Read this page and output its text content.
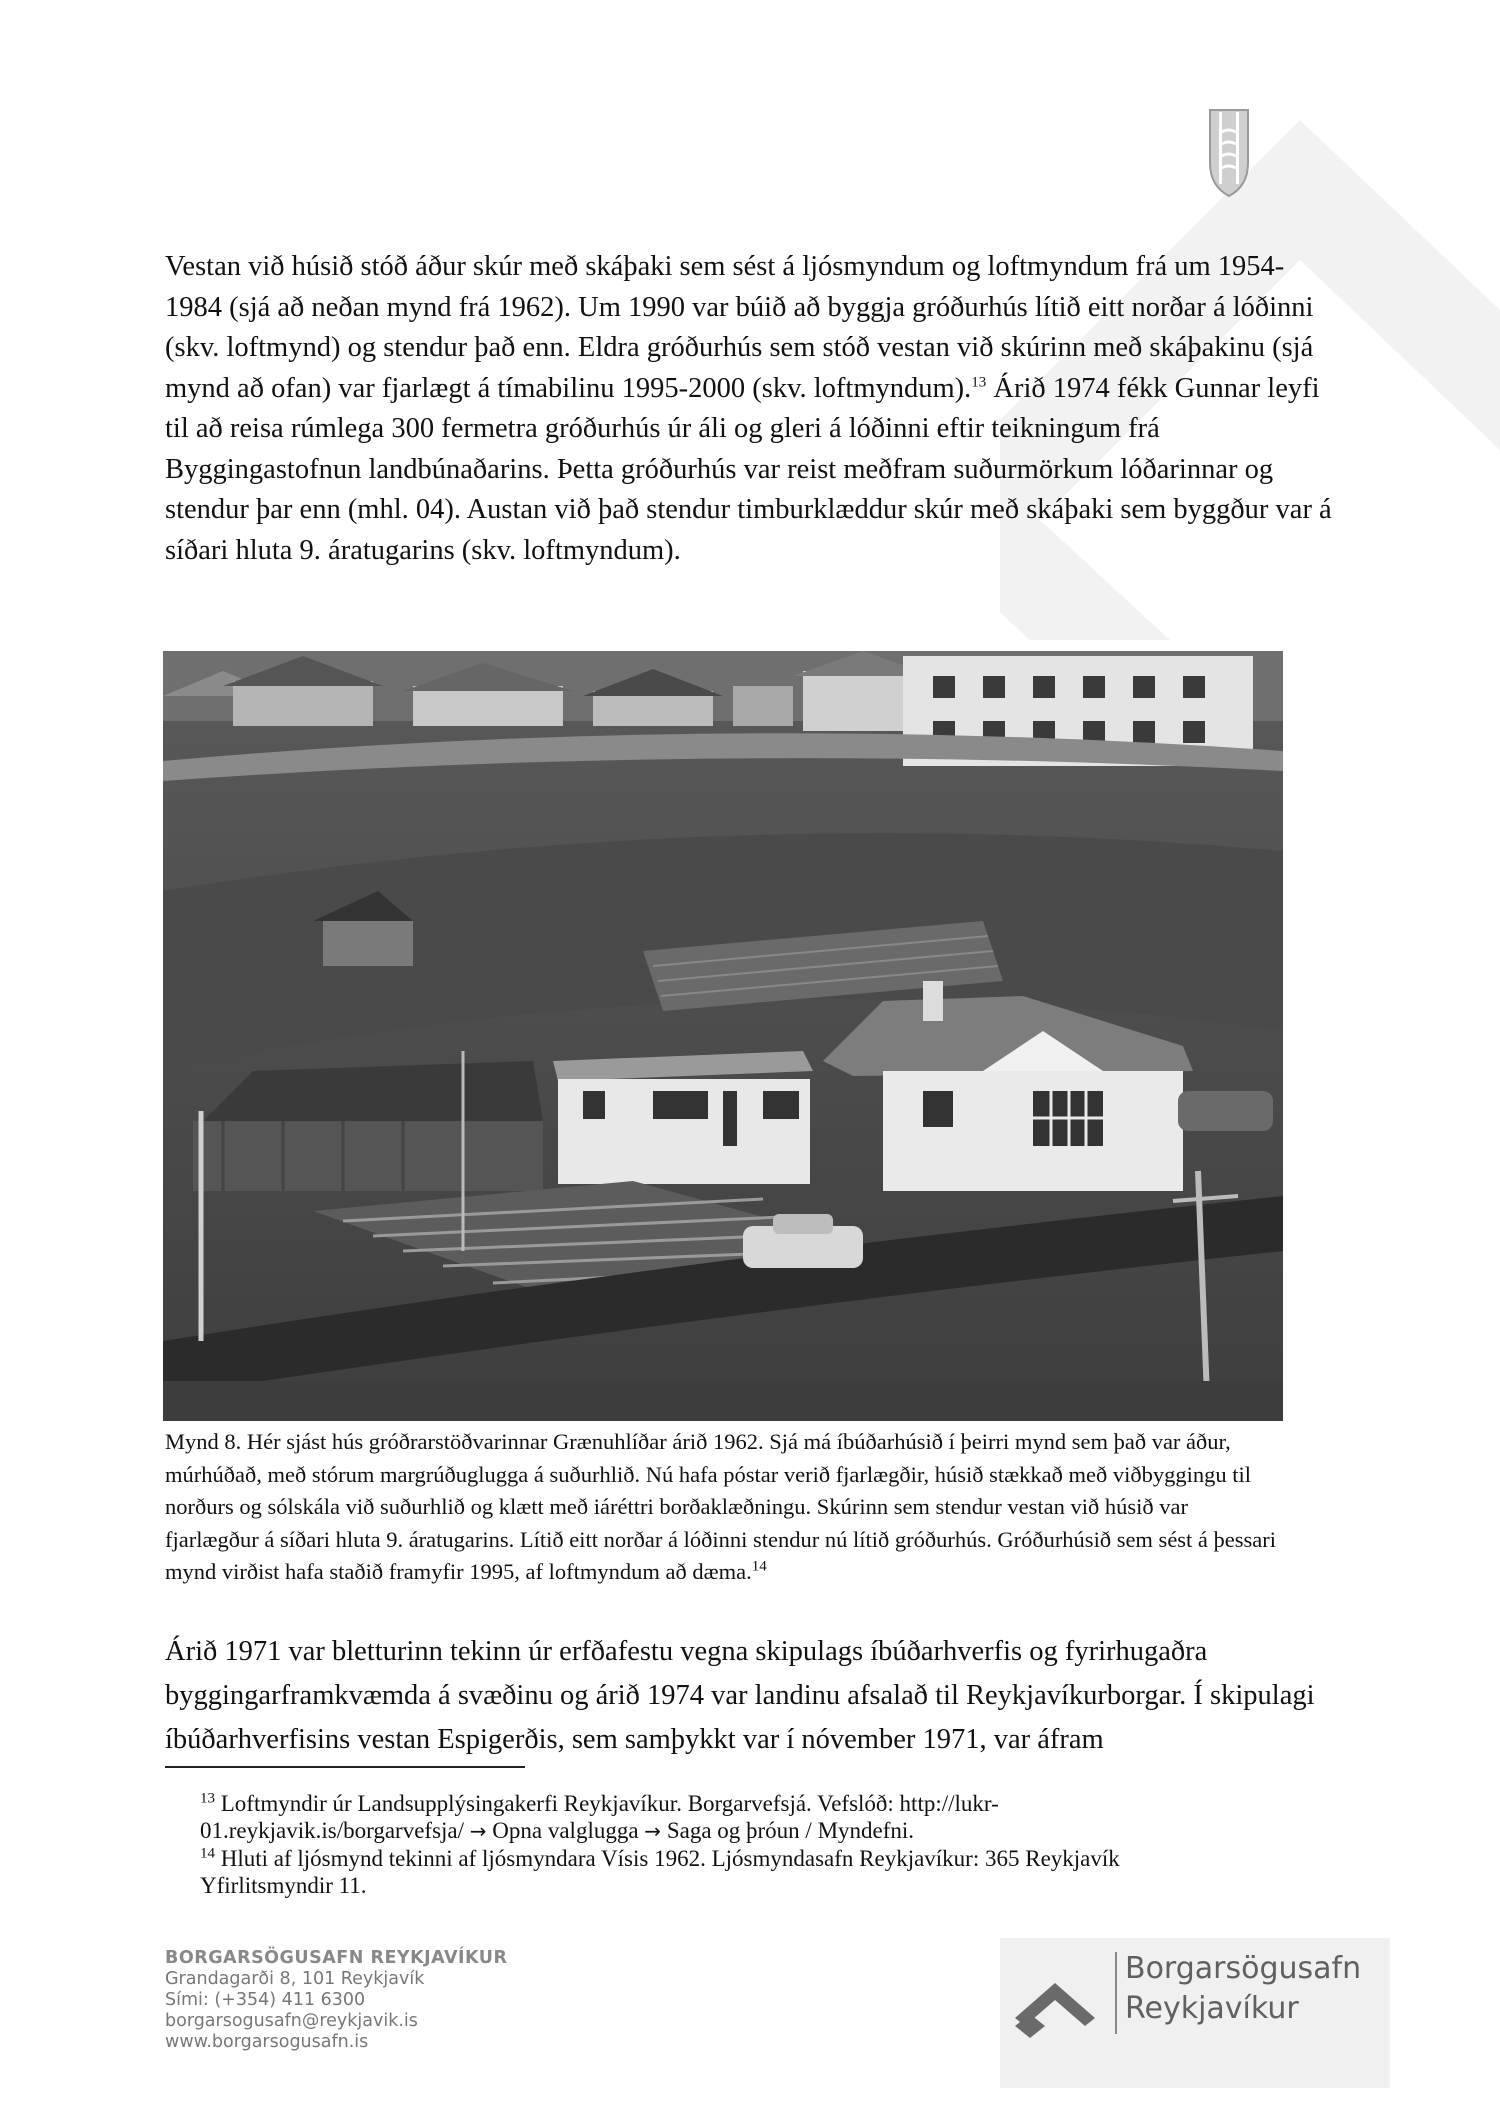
Vestan við húsið stóð áður skúr með skáþaki sem sést á ljósmyndum og loftmyndum frá um 1954-1984 (sjá að neðan mynd frá 1962). Um 1990 var búið að byggja gróðurhús lítið eitt norðar á lóðinni (skv. loftmynd) og stendur það enn. Eldra gróðurhús sem stóð vestan við skúrinn með skáþakinu (sjá mynd að ofan) var fjarlægt á tímabilinu 1995-2000 (skv. loftmyndum).$^{13}$ Árið 1974 fékk Gunnar leyfi til að reisa rúmlega 300 fermetra gróðurhús úr áli og gleri á lóðinni eftir teikningum frá Byggingastofnun landbúnaðarins. Þetta gróðurhús var reist meðfram suðurmörkum lóðarinnar og stendur þar enn (mhl. 04). Austan við það stendur timburklæddur skúr með skáþaki sem byggður var á síðari hluta 9. áratugarins (skv. loftmyndum).

Mynd 8. Hér sjást hús gróðrarstöðvarinnar Grænuhlíðar árið 1962. Sjá má íbúðarhúsið í þeirri mynd sem það var áður, múrhúðað, með stórum margrúðuglugga á suðurhlið. Nú hafa póstar verið fjarlægðir, húsið stækkað með viðbyggingu til norðurs og sólskála við suðurhlið og klætt með iáréttri borðaklæðningu. Skúrinn sem stendur vestan við húsið var fjarlægður á síðari hluta 9. áratugarins. Lítið eitt norðar á lóðinni stendur nú lítið gróðurhús. Gróðurhúsið sem sést á þessari mynd virðist hafa staðið framyfir 1995, af loftmyndum að dæma.$^{14}$

Árið 1971 var bletturinn tekinn úr erfðafestu vegna skipulags íbúðarhverfis og fyrirhugaðra byggingarframkvæmda á svæðinu og árið 1974 var landinu afsalað til Reykjavíkurborgar. Í skipulagi íbúðarhverfisins vestan Espigerðis, sem samþykkt var í nóvember 1971, var áfram

$^{13}$ Loftmyndir úr Landsupplýsingakerfi Reykjavíkur. Borgarvefsjá. Vefslóð: http://lukr-

01.reykjavik.is/borgarvefsja/ → Opna valglugga → Saga og þróun / Myndefni.

$^{14}$ Hluti af ljósmynd tekinni af ljósmyndara Vísis 1962. Ljósmyndasafn Reykjavíkur: 365 Reykjavík

Yfirlitsmyndir 11.

BORGARSÖGUSAFN REYKJAVÍKUR
Grandagarði 8, 101 Reykjavík
Sími: (+354) 411 6300
borgarsogusafn@reykjavik.is
www.borgarsogusafn.is
Borgarsögusafn
Reykjavíkur
